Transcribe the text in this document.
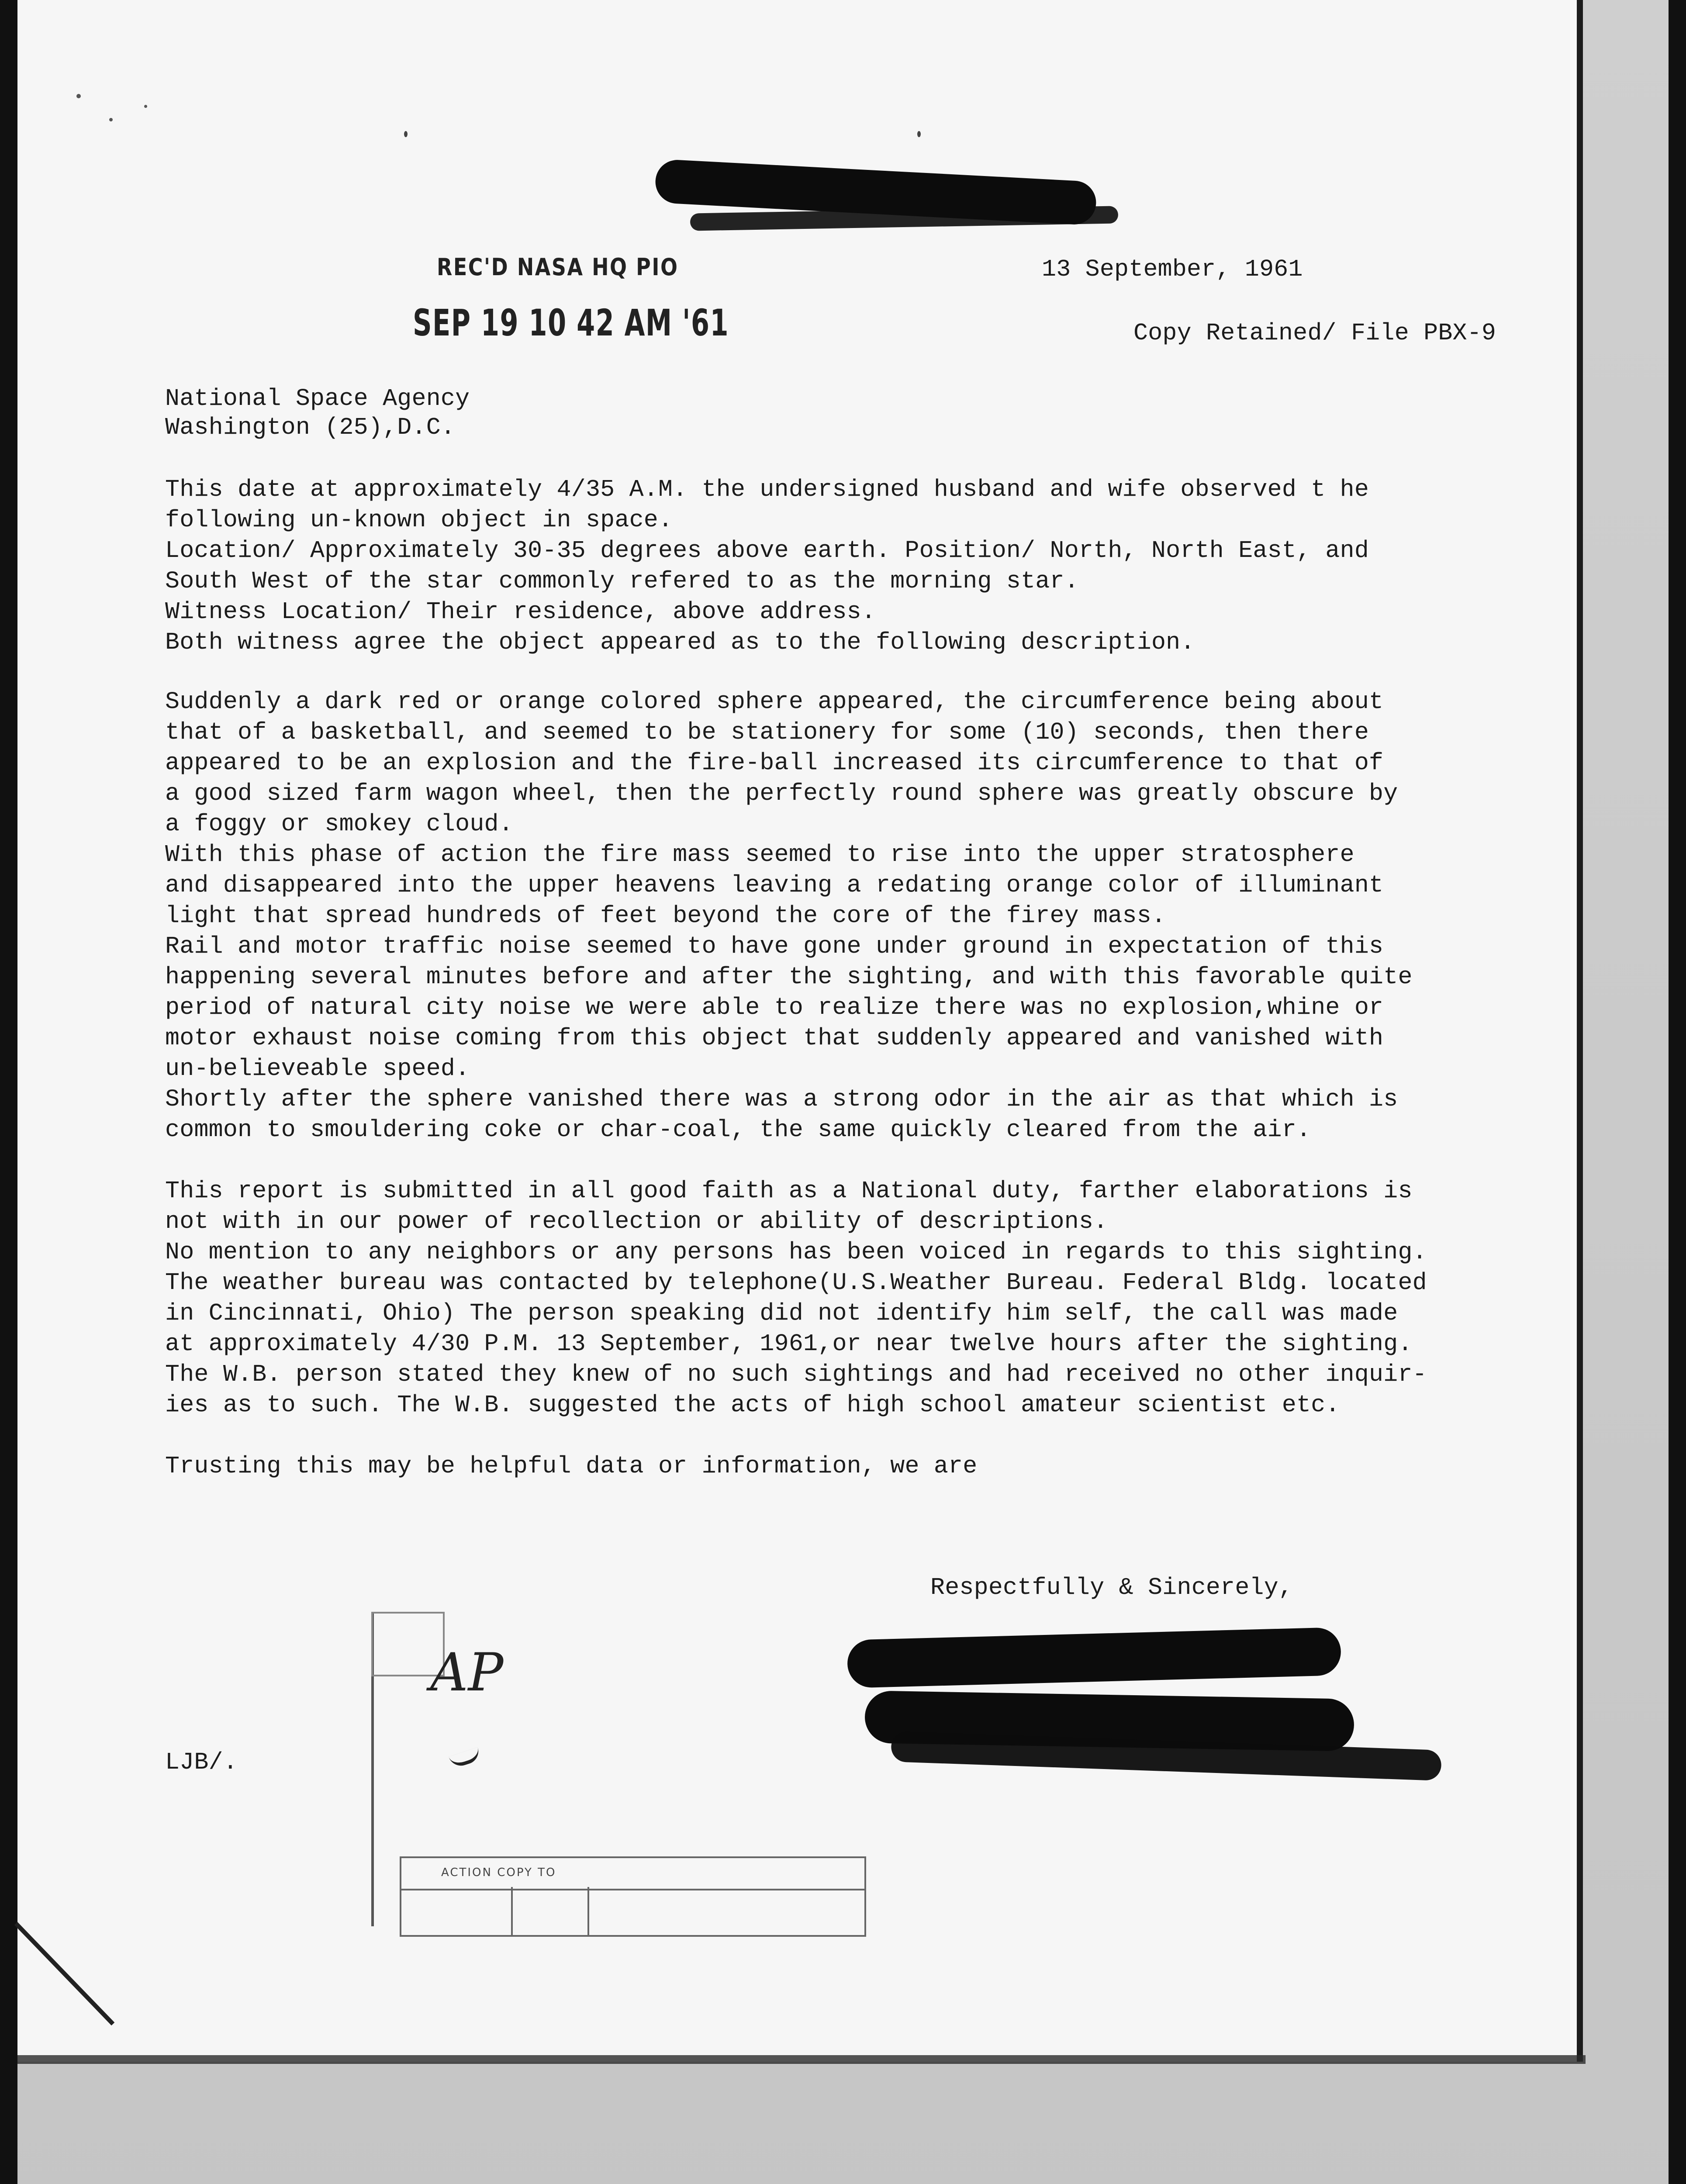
REC'D NASA HQ PIO
SEP 19 10 42 AM '61
13 September, 1961
Copy Retained/ File PBX-9
National Space Agency
Washington (25),D.C.
This date at approximately 4/35 A.M. the undersigned husband and wife observed t he
following un-known object in space.
Location/ Approximately 30-35 degrees above earth. Position/ North, North East, and
South West of the star commonly refered to as the morning star.
Witness Location/ Their residence, above address.
Both witness agree the object appeared as to the following description.
Suddenly a dark red or orange colored sphere appeared, the circumference being about
that of a basketball, and seemed to be stationery for some (10) seconds, then there
appeared to be an explosion and the fire-ball increased its circumference to that of
a good sized farm wagon wheel, then the perfectly round sphere was greatly obscure by
a foggy or smokey cloud.
With this phase of action the fire mass seemed to rise into the upper stratosphere
and disappeared into the upper heavens leaving a redating orange color of illuminant
light that spread hundreds of feet beyond the core of the firey mass.
Rail and motor traffic noise seemed to have gone under ground in expectation of this
happening several minutes before and after the sighting, and with this favorable quite
period of natural city noise we were able to realize there was no explosion,whine or
motor exhaust noise coming from this object that suddenly appeared and vanished with
un-believeable speed.
Shortly after the sphere vanished there was a strong odor in the air as that which is
common to smouldering coke or char-coal, the same quickly cleared from the air.
This report is submitted in all good faith as a National duty, farther elaborations is
not with in our power of recollection or ability of descriptions.
No mention to any neighbors or any persons has been voiced in regards to this sighting.
The weather bureau was contacted by telephone(U.S.Weather Bureau. Federal Bldg. located
in Cincinnati, Ohio) The person speaking did not identify him self, the call was made
at approximately 4/30 P.M. 13 September, 1961,or near twelve hours after the sighting.
The W.B. person stated they knew of no such sightings and had received no other inquir-
ies as to such. The W.B. suggested the acts of high school amateur scientist etc.
Trusting this may be helpful data or information, we are
Respectfully & Sincerely,
LJB/.
AP
ACTION COPY TO
